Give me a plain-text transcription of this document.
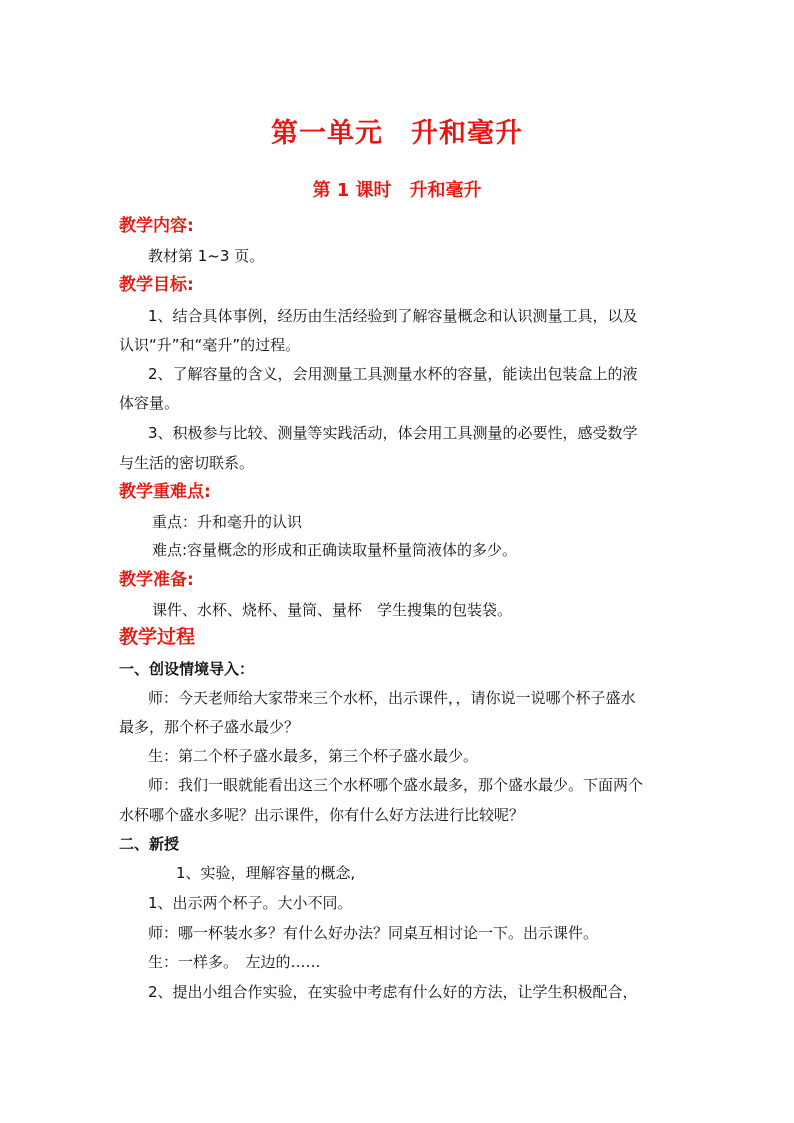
第一单元　升和毫升
第 1 课时　升和毫升
教学内容:
教材第 1~3 页。
教学目标:
1、结合具体事例，经历由生活经验到了解容量概念和认识测量工具，以及
认识“升”和“毫升”的过程。
2、了解容量的含义，会用测量工具测量水杯的容量，能读出包装盒上的液
体容量。
3、积极参与比较、测量等实践活动，体会用工具测量的必要性，感受数学
与生活的密切联系。
教学重难点:
重点：升和毫升的认识
难点:容量概念的形成和正确读取量杯量筒液体的多少。
教学准备:
课件、水杯、烧杯、量筒、量杯　学生搜集的包装袋。
教学过程
一、创设情境导入：
师：今天老师给大家带来三个水杯，出示课件，，请你说一说哪个杯子盛水
最多，那个杯子盛水最少？
生：第二个杯子盛水最多，第三个杯子盛水最少。
师：我们一眼就能看出这三个水杯哪个盛水最多，那个盛水最少。下面两个
水杯哪个盛水多呢？出示课件，你有什么好方法进行比较呢？
二、新授
1、实验，理解容量的概念,
1、出示两个杯子。大小不同。
师：哪一杯装水多？有什么好办法？同桌互相讨论一下。出示课件。
生：一样多。　左边的……
2、提出小组合作实验，在实验中考虑有什么好的方法，让学生积极配合，
